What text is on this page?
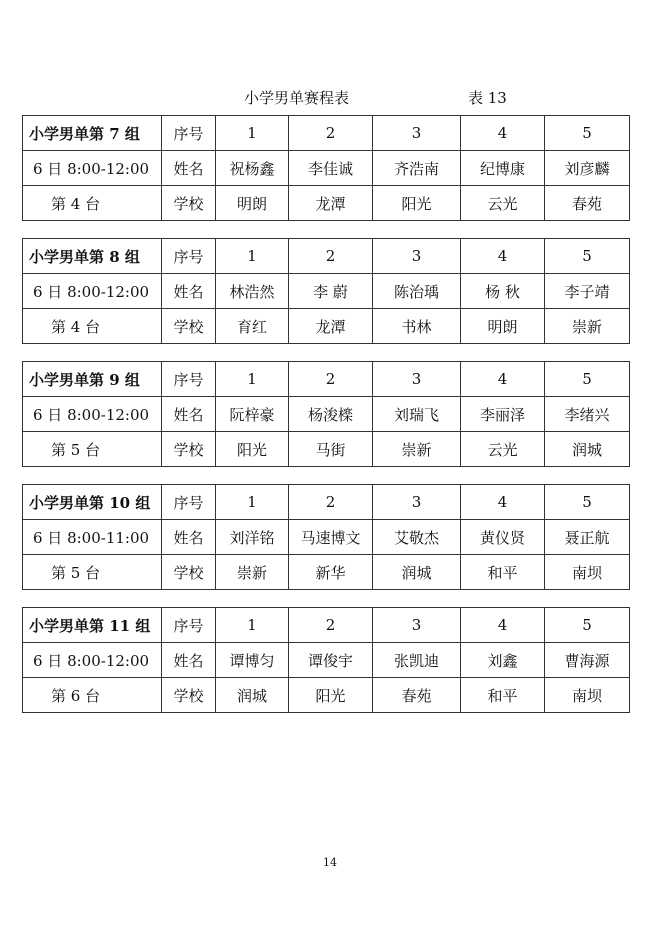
小学男单赛程表	表 13
小学男单第 7 组	序号	1	2	3	4	5
6 日 8:00-12:00	姓名	祝杨鑫	李佳诚	齐浩南	纪博康	刘彦麟
第 4 台	学校	明朗	龙潭	阳光	云光	春苑
小学男单第 8 组	序号	1	2	3	4	5
6 日 8:00-12:00	姓名	林浩然	李 蔚	陈治瑀	杨 秋	李子靖
第 4 台	学校	育红	龙潭	书林	明朗	崇新
小学男单第 9 组	序号	1	2	3	4	5
6 日 8:00-12:00	姓名	阮梓豪	杨浚檪	刘瑞飞	李丽泽	李绪兴
第 5 台	学校	阳光	马街	崇新	云光	润城
小学男单第 10 组	序号	1	2	3	4	5
6 日 8:00-11:00	姓名	刘洋铭	马速博文	艾敬杰	黄仪贤	聂正航
第 5 台	学校	崇新	新华	润城	和平	南坝
小学男单第 11 组	序号	1	2	3	4	5
6 日 8:00-12:00	姓名	谭博匀	谭俊宇	张凯迪	刘鑫	曹海源
第 6 台	学校	润城	阳光	春苑	和平	南坝
14
